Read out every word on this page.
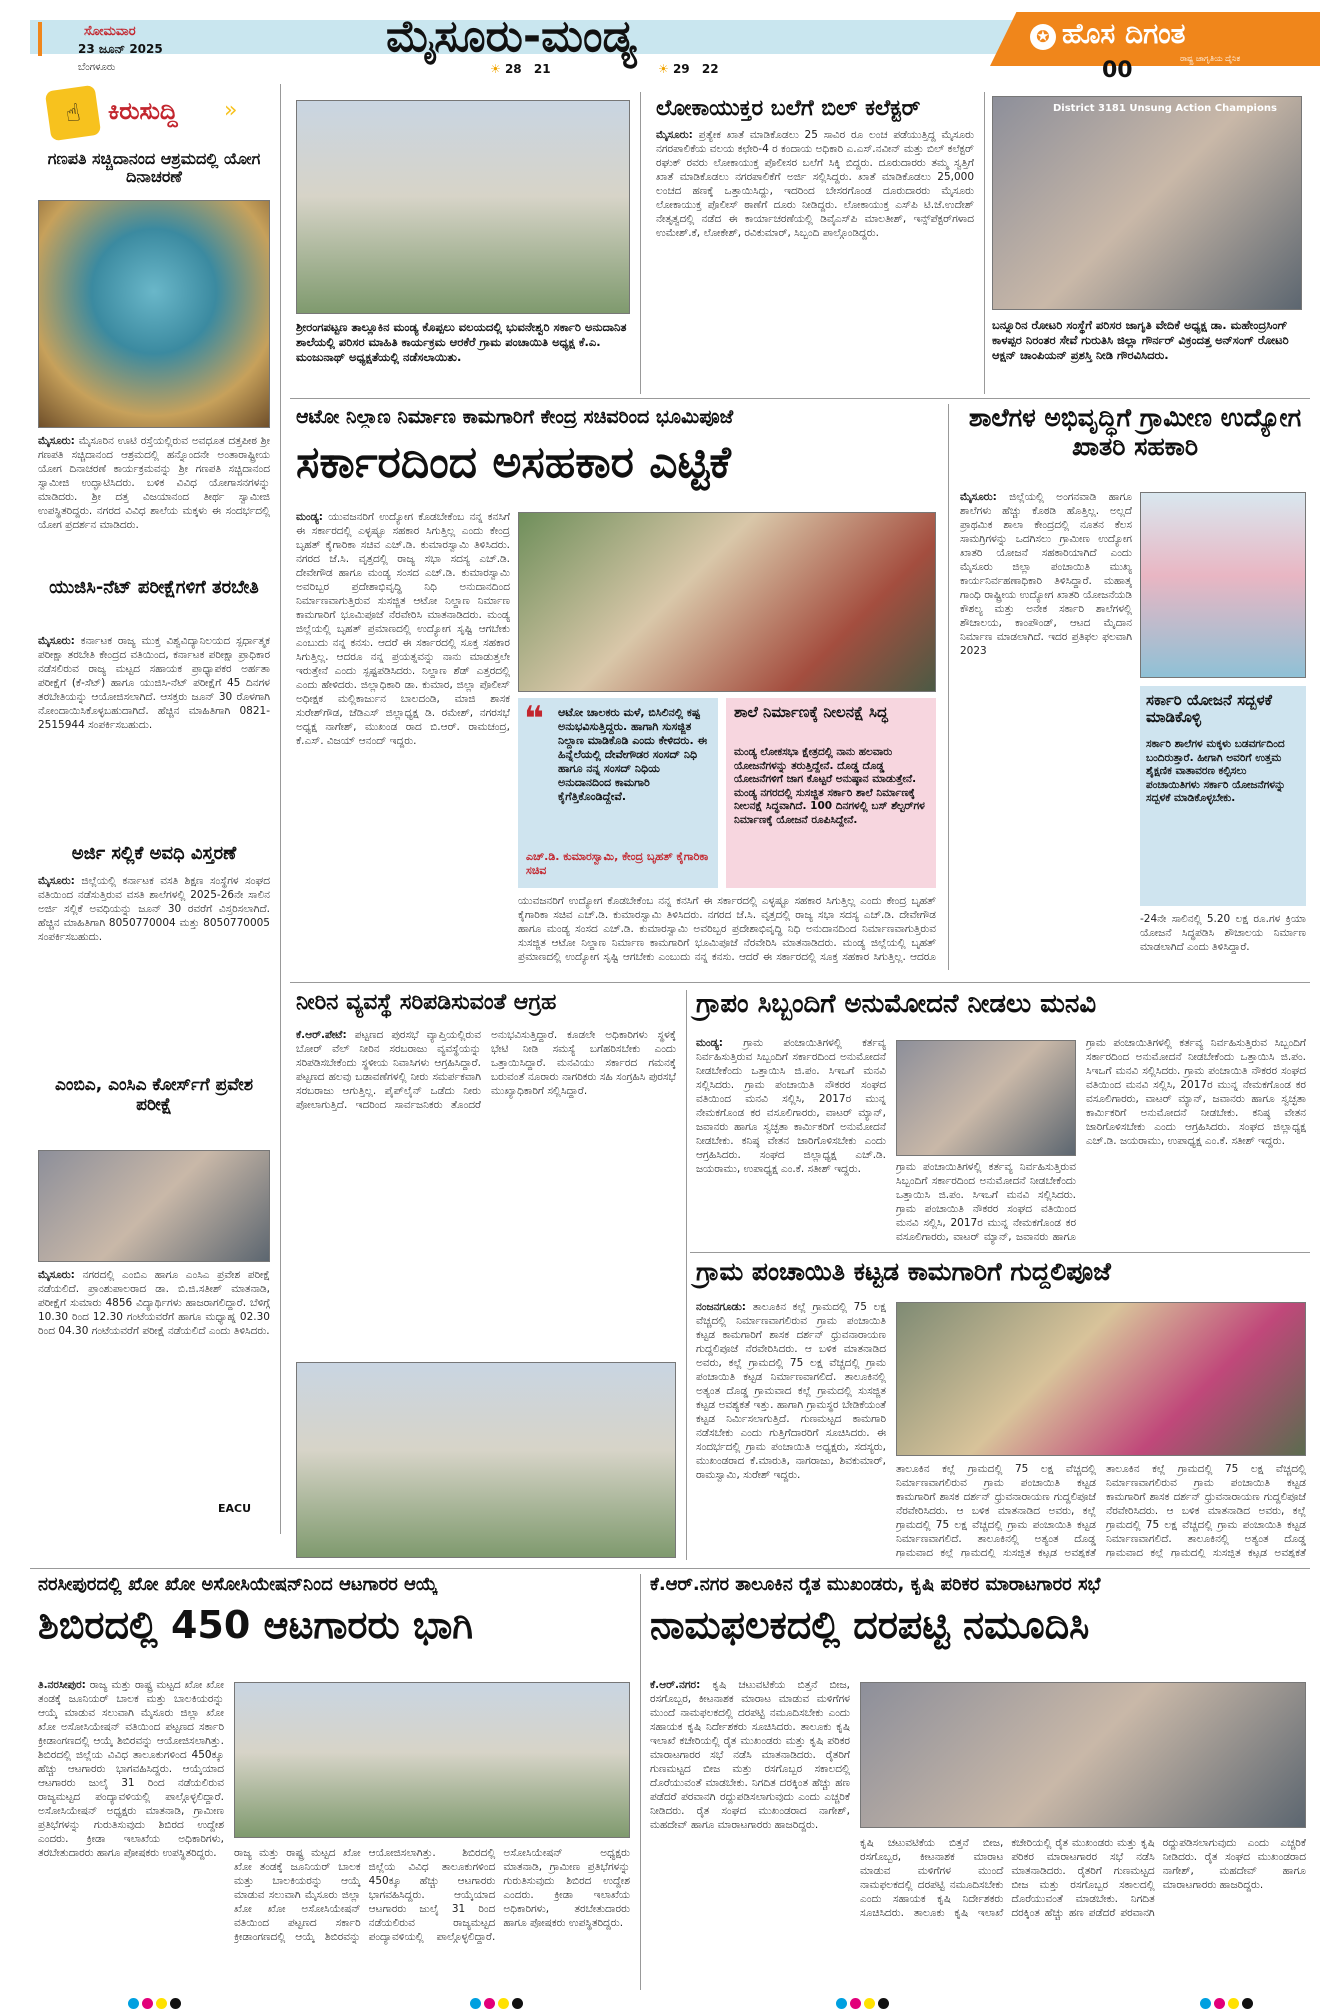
ಸೋಮವಾರ
23 ಜೂನ್ 2025
ಬೆಂಗಳೂರು
ಮೈಸೂರು-ಮಂಡ್ಯ
☀ 28 21	☀ 29 22
✪ ಹೊಸ ದಿಗಂತ
ರಾಷ್ಟ್ರ ಜಾಗೃತಿಯ ದೈನಿಕ
00
☝	ಕಿರುಸುದ್ದಿ »
ಗಣಪತಿ ಸಚ್ಚಿದಾನಂದ ಆಶ್ರಮದಲ್ಲಿ ಯೋಗ ದಿನಾಚರಣೆ
ಮೈಸೂರು: ಮೈಸೂರಿನ ಊಟಿ ರಸ್ತೆಯಲ್ಲಿರುವ ಅವಧೂತ ದತ್ತಪೀಠ ಶ್ರೀ ಗಣಪತಿ ಸಚ್ಚಿದಾನಂದ ಆಶ್ರಮದಲ್ಲಿ ಹನ್ನೊಂದನೇ ಅಂತಾರಾಷ್ಟ್ರೀಯ ಯೋಗ ದಿನಾಚರಣೆ ಕಾರ್ಯಕ್ರಮವನ್ನು ಶ್ರೀ ಗಣಪತಿ ಸಚ್ಚಿದಾನಂದ ಸ್ವಾಮೀಜಿ ಉದ್ಘಾಟಿಸಿದರು. ಬಳಿಕ ವಿವಿಧ ಯೋಗಾಸನಗಳನ್ನು ಮಾಡಿದರು. ಶ್ರೀ ದತ್ತ ವಿಜಯಾನಂದ ತೀರ್ಥ ಸ್ವಾಮೀಜಿ ಉಪಸ್ಥಿತರಿದ್ದರು. ನಗರದ ವಿವಿಧ ಶಾಲೆಯ ಮಕ್ಕಳು ಈ ಸಂದರ್ಭದಲ್ಲಿ ಯೋಗ ಪ್ರದರ್ಶನ ಮಾಡಿದರು.
ಯುಜಿಸಿ-ನೆಟ್ ಪರೀಕ್ಷೆಗಳಿಗೆ ತರಬೇತಿ
ಮೈಸೂರು: ಕರ್ನಾಟಕ ರಾಜ್ಯ ಮುಕ್ತ ವಿಶ್ವವಿದ್ಯಾನಿಲಯದ ಸ್ಪರ್ಧಾತ್ಮಕ ಪರೀಕ್ಷಾ ತರಬೇತಿ ಕೇಂದ್ರದ ವತಿಯಿಂದ, ಕರ್ನಾಟಕ ಪರೀಕ್ಷಾ ಪ್ರಾಧಿಕಾರ ನಡೆಸಲಿರುವ ರಾಜ್ಯ ಮಟ್ಟದ ಸಹಾಯಕ ಪ್ರಾಧ್ಯಾಪಕರ ಅರ್ಹತಾ ಪರೀಕ್ಷೆಗೆ (ಕೆ-ಸೆಟ್) ಹಾಗೂ ಯುಜಿಸಿ-ನೆಟ್ ಪರೀಕ್ಷೆಗೆ 45 ದಿನಗಳ ತರಬೇತಿಯನ್ನು ಆಯೋಜಿಸಲಾಗಿದೆ. ಆಸಕ್ತರು ಜೂನ್ 30 ರೊಳಗಾಗಿ ನೋಂದಾಯಿಸಿಕೊಳ್ಳಬಹುದಾಗಿದೆ. ಹೆಚ್ಚಿನ ಮಾಹಿತಿಗಾಗಿ 0821-2515944 ಸಂಪರ್ಕಿಸಬಹುದು.
ಅರ್ಜಿ ಸಲ್ಲಿಕೆ ಅವಧಿ ವಿಸ್ತರಣೆ
ಮೈಸೂರು: ಜಿಲ್ಲೆಯಲ್ಲಿ ಕರ್ನಾಟಕ ವಸತಿ ಶಿಕ್ಷಣ ಸಂಸ್ಥೆಗಳ ಸಂಘದ ವತಿಯಿಂದ ನಡೆಸುತ್ತಿರುವ ವಸತಿ ಶಾಲೆಗಳಲ್ಲಿ 2025-26ನೇ ಸಾಲಿನ ಅರ್ಜಿ ಸಲ್ಲಿಕೆ ಅವಧಿಯನ್ನು ಜೂನ್ 30 ರವರೆಗೆ ವಿಸ್ತರಿಸಲಾಗಿದೆ. ಹೆಚ್ಚಿನ ಮಾಹಿತಿಗಾಗಿ 8050770004 ಮತ್ತು 8050770005 ಸಂಪರ್ಕಿಸಬಹುದು.
ಎಂಬಿಎ, ಎಂಸಿಎ ಕೋರ್ಸ್‌ಗೆ ಪ್ರವೇಶ ಪರೀಕ್ಷೆ
ಮೈಸೂರು: ನಗರದಲ್ಲಿ ಎಂಬಿಎ ಹಾಗೂ ಎಂಸಿಎ ಪ್ರವೇಶ ಪರೀಕ್ಷೆ ನಡೆಯಲಿದೆ. ಪ್ರಾಂಶುಪಾಲರಾದ ಡಾ. ಬಿ.ಜಿ.ಸತೀಶ್ ಮಾತನಾಡಿ, ಪರೀಕ್ಷೆಗೆ ಸುಮಾರು 4856 ವಿದ್ಯಾರ್ಥಿಗಳು ಹಾಜರಾಗಲಿದ್ದಾರೆ. ಬೆಳಿಗ್ಗೆ 10.30 ರಿಂದ 12.30 ಗಂಟೆಯವರೆಗೆ ಹಾಗೂ ಮಧ್ಯಾಹ್ನ 02.30 ರಿಂದ 04.30 ಗಂಟೆಯವರೆಗೆ ಪರೀಕ್ಷೆ ನಡೆಯಲಿದೆ ಎಂದು ತಿಳಿಸಿದರು.
EACU
ಶ್ರೀರಂಗಪಟ್ಟಣ ತಾಲ್ಲೂಕಿನ ಮಂಡ್ಯ ಕೊಪ್ಪಲು ವಲಯದಲ್ಲಿ ಭುವನೇಶ್ವರಿ ಸರ್ಕಾರಿ ಅನುದಾನಿತ ಶಾಲೆಯಲ್ಲಿ ಪರಿಸರ ಮಾಹಿತಿ ಕಾರ್ಯಕ್ರಮ ಆರಕೆರೆ ಗ್ರಾಮ ಪಂಚಾಯಿತಿ ಅಧ್ಯಕ್ಷ ಕೆ.ಎ. ಮಂಜುನಾಥ್ ಅಧ್ಯಕ್ಷತೆಯಲ್ಲಿ ನಡೆಸಲಾಯಿತು.
ಲೋಕಾಯುಕ್ತರ ಬಲೆಗೆ ಬಿಲ್ ಕಲೆಕ್ಟರ್
ಮೈಸೂರು: ಪ್ರತ್ಯೇಕ ಖಾತೆ ಮಾಡಿಕೊಡಲು 25 ಸಾವಿರ ರೂ ಲಂಚ ಪಡೆಯುತ್ತಿದ್ದ ಮೈಸೂರು ನಗರಪಾಲಿಕೆಯ ವಲಯ ಕಛೇರಿ-4 ರ ಕಂದಾಯ ಅಧಿಕಾರಿ ಎ.ಎಸ್.ನವೀನ್ ಮತ್ತು ಬಿಲ್ ಕಲೆಕ್ಟರ್ ರಘುಕ್ ರವರು ಲೋಕಾಯುಕ್ತ ಪೊಲೀಸರ ಬಲೆಗೆ ಸಿಕ್ಕಿ ಬಿದ್ದರು. ದೂರುದಾರರು ತಮ್ಮ ಸ್ವತ್ತಿಗೆ ಖಾತೆ ಮಾಡಿಕೊಡಲು ನಗರಪಾಲಿಕೆಗೆ ಅರ್ಜಿ ಸಲ್ಲಿಸಿದ್ದರು. ಖಾತೆ ಮಾಡಿಕೊಡಲು 25,000 ಲಂಚದ ಹಣಕ್ಕೆ ಒತ್ತಾಯಿಸಿದ್ದು, ಇದರಿಂದ ಬೇಸರಗೊಂಡ ದೂರುದಾರರು ಮೈಸೂರು ಲೋಕಾಯುಕ್ತ ಪೊಲೀಸ್ ಠಾಣೆಗೆ ದೂರು ನೀಡಿದ್ದರು. ಲೋಕಾಯುಕ್ತ ಎಸ್‌ಪಿ ಟಿ.ಜೆ.ಉದೇಶ್ ನೇತೃತ್ವದಲ್ಲಿ ನಡೆದ ಈ ಕಾರ್ಯಾಚರಣೆಯಲ್ಲಿ ಡಿವೈಎಸ್‌ಪಿ ಮಾಲತೀಶ್, ಇನ್ಸ್‌ಪೆಕ್ಟರ್‌ಗಳಾದ ಉಮೇಶ್.ಕೆ, ಲೋಕೇಶ್, ರವಿಕುಮಾರ್, ಸಿಬ್ಬಂದಿ ಪಾಲ್ಗೊಂಡಿದ್ದರು.
District 3181 Unsung Action Champions
ಬನ್ನೂರಿನ ರೋಟರಿ ಸಂಸ್ಥೆಗೆ ಪರಿಸರ ಜಾಗೃತಿ ವೇದಿಕೆ ಅಧ್ಯಕ್ಷ ಡಾ. ಮಹೇಂದ್ರಸಿಂಗ್ ಕಾಳಪ್ಪರ ನಿರಂತರ ಸೇವೆ ಗುರುತಿಸಿ ಜಿಲ್ಲಾ ಗೌರ್ನರ್ ವಿಕ್ರಂದತ್ತ ಅನ್‌ಸಂಗ್ ರೋಟರಿ ಆಕ್ಷನ್ ಚಾಂಪಿಯನ್ ಪ್ರಶಸ್ತಿ ನೀಡಿ ಗೌರವಿಸಿದರು.
ಆಟೋ ನಿಲ್ದಾಣ ನಿರ್ಮಾಣ ಕಾಮಗಾರಿಗೆ ಕೇಂದ್ರ ಸಚಿವರಿಂದ ಭೂಮಿಪೂಜೆ
ಸರ್ಕಾರದಿಂದ ಅಸಹಕಾರ ಎಟ್ಟಿಕೆ
ಮಂಡ್ಯ: ಯುವಜನರಿಗೆ ಉದ್ಯೋಗ ಕೊಡಬೇಕೆಂಬ ನನ್ನ ಕನಸಿಗೆ ಈ ಸರ್ಕಾರದಲ್ಲಿ ಎಳ್ಳಷ್ಟೂ ಸಹಕಾರ ಸಿಗುತ್ತಿಲ್ಲ ಎಂದು ಕೇಂದ್ರ ಬೃಹತ್ ಕೈಗಾರಿಕಾ ಸಚಿವ ಎಚ್.ಡಿ. ಕುಮಾರಸ್ವಾಮಿ ತಿಳಿಸಿದರು. ನಗರದ ಜೆ.ಸಿ. ವೃತ್ತದಲ್ಲಿ ರಾಜ್ಯ ಸಭಾ ಸದಸ್ಯ ಎಚ್.ಡಿ. ದೇವೇಗೌಡ ಹಾಗೂ ಮಂಡ್ಯ ಸಂಸದ ಎಚ್.ಡಿ. ಕುಮಾರಸ್ವಾಮಿ ಅವರಿಬ್ಬರ ಪ್ರದೇಶಾಭಿವೃದ್ಧಿ ನಿಧಿ ಅನುದಾನದಿಂದ ನಿರ್ಮಾಣವಾಗುತ್ತಿರುವ ಸುಸಜ್ಜಿತ ಆಟೋ ನಿಲ್ದಾಣ ನಿರ್ಮಾಣ ಕಾಮಗಾರಿಗೆ ಭೂಮಿಪೂಜೆ ನೆರವೇರಿಸಿ ಮಾತನಾಡಿದರು. ಮಂಡ್ಯ ಜಿಲ್ಲೆಯಲ್ಲಿ ಬೃಹತ್ ಪ್ರಮಾಣದಲ್ಲಿ ಉದ್ಯೋಗ ಸೃಷ್ಟಿ ಆಗಬೇಕು ಎಂಬುದು ನನ್ನ ಕನಸು. ಆದರೆ ಈ ಸರ್ಕಾರದಲ್ಲಿ ಸೂಕ್ತ ಸಹಕಾರ ಸಿಗುತ್ತಿಲ್ಲ. ಆದರೂ ನನ್ನ ಪ್ರಯತ್ನವನ್ನು ನಾನು ಮಾಡುತ್ತಲೇ ಇರುತ್ತೇನೆ ಎಂದು ಸ್ಪಷ್ಟಪಡಿಸಿದರು. ನಿಲ್ದಾಣ ಶೆಡ್ ಎತ್ತರದಲ್ಲಿ ಎಂದು ಹೇಳಿದರು. ಜಿಲ್ಲಾಧಿಕಾರಿ ಡಾ. ಕುಮಾರ, ಜಿಲ್ಲಾ ಪೊಲೀಸ್ ಅಧೀಕ್ಷಕ ಮಲ್ಲಿಕಾರ್ಜುನ ಬಾಲದಂಡಿ, ಮಾಜಿ ಶಾಸಕ ಸುರೇಶ್‌ಗೌಡ, ಜೆಡಿಎಸ್ ಜಿಲ್ಲಾಧ್ಯಕ್ಷ ಡಿ. ರಮೇಶ್, ನಗರಸಭೆ ಅಧ್ಯಕ್ಷ ನಾಗೇಶ್, ಮುಖಂಡ ರಾದ ಬಿ.ಆರ್. ರಾಮಚಂದ್ರ, ಕೆ.ಎಸ್. ವಿಜಯ್ ಆನಂದ್ ಇದ್ದರು.
❝ ಆಟೋ ಚಾಲಕರು ಮಳೆ, ಬಿಸಿಲಿನಲ್ಲಿ ಕಷ್ಟ ಅನುಭವಿಸುತ್ತಿದ್ದರು. ಹಾಗಾಗಿ ಸುಸಜ್ಜಿತ ನಿಲ್ದಾಣ ಮಾಡಿಕೊಡಿ ಎಂದು ಕೇಳಿದರು. ಈ ಹಿನ್ನೆಲೆಯಲ್ಲಿ ದೇವೇಗೌಡರ ಸಂಸದ್ ನಿಧಿ ಹಾಗೂ ನನ್ನ ಸಂಸದ್ ನಿಧಿಯ ಅನುದಾನದಿಂದ ಕಾಮಗಾರಿ ಕೈಗೆತ್ತಿಕೊಂಡಿದ್ದೇವೆ.
ಎಚ್.ಡಿ. ಕುಮಾರಸ್ವಾಮಿ, ಕೇಂದ್ರ ಬೃಹತ್ ಕೈಗಾರಿಕಾ ಸಚಿವ
ಶಾಲೆ ನಿರ್ಮಾಣಕ್ಕೆ ನೀಲನಕ್ಷೆ ಸಿದ್ಧ
ಮಂಡ್ಯ ಲೋಕಸಭಾ ಕ್ಷೇತ್ರದಲ್ಲಿ ನಾನು ಹಲವಾರು ಯೋಜನೆಗಳನ್ನು ತರುತ್ತಿದ್ದೇನೆ. ದೊಡ್ಡ ದೊಡ್ಡ ಯೋಜನೆಗಳಿಗೆ ಜಾಗ ಕೊಟ್ಟರೆ ಅನುಷ್ಠಾನ ಮಾಡುತ್ತೇನೆ. ಮಂಡ್ಯ ನಗರದಲ್ಲಿ ಸುಸಜ್ಜಿತ ಸರ್ಕಾರಿ ಶಾಲೆ ನಿರ್ಮಾಣಕ್ಕೆ ನೀಲನಕ್ಷೆ ಸಿದ್ಧವಾಗಿದೆ. 100 ದಿನಗಳಲ್ಲಿ ಬಸ್ ಶೆಲ್ಟರ್‌ಗಳ ನಿರ್ಮಾಣಕ್ಕೆ ಯೋಜನೆ ರೂಪಿಸಿದ್ದೇನೆ.
ಯುವಜನರಿಗೆ ಉದ್ಯೋಗ ಕೊಡಬೇಕೆಂಬ ನನ್ನ ಕನಸಿಗೆ ಈ ಸರ್ಕಾರದಲ್ಲಿ ಎಳ್ಳಷ್ಟೂ ಸಹಕಾರ ಸಿಗುತ್ತಿಲ್ಲ ಎಂದು ಕೇಂದ್ರ ಬೃಹತ್ ಕೈಗಾರಿಕಾ ಸಚಿವ ಎಚ್.ಡಿ. ಕುಮಾರಸ್ವಾಮಿ ತಿಳಿಸಿದರು. ನಗರದ ಜೆ.ಸಿ. ವೃತ್ತದಲ್ಲಿ ರಾಜ್ಯ ಸಭಾ ಸದಸ್ಯ ಎಚ್.ಡಿ. ದೇವೇಗೌಡ ಹಾಗೂ ಮಂಡ್ಯ ಸಂಸದ ಎಚ್.ಡಿ. ಕುಮಾರಸ್ವಾಮಿ ಅವರಿಬ್ಬರ ಪ್ರದೇಶಾಭಿವೃದ್ಧಿ ನಿಧಿ ಅನುದಾನದಿಂದ ನಿರ್ಮಾಣವಾಗುತ್ತಿರುವ ಸುಸಜ್ಜಿತ ಆಟೋ ನಿಲ್ದಾಣ ನಿರ್ಮಾಣ ಕಾಮಗಾರಿಗೆ ಭೂಮಿಪೂಜೆ ನೆರವೇರಿಸಿ ಮಾತನಾಡಿದರು. ಮಂಡ್ಯ ಜಿಲ್ಲೆಯಲ್ಲಿ ಬೃಹತ್ ಪ್ರಮಾಣದಲ್ಲಿ ಉದ್ಯೋಗ ಸೃಷ್ಟಿ ಆಗಬೇಕು ಎಂಬುದು ನನ್ನ ಕನಸು. ಆದರೆ ಈ ಸರ್ಕಾರದಲ್ಲಿ ಸೂಕ್ತ ಸಹಕಾರ ಸಿಗುತ್ತಿಲ್ಲ. ಆದರೂ
ಶಾಲೆಗಳ ಅಭಿವೃದ್ಧಿಗೆ ಗ್ರಾಮೀಣ ಉದ್ಯೋಗ ಖಾತರಿ ಸಹಕಾರಿ
ಮೈಸೂರು: ಜಿಲ್ಲೆಯಲ್ಲಿ ಅಂಗನವಾಡಿ ಹಾಗೂ ಶಾಲೆಗಳು ಹೆಚ್ಚು ಕೊಠಡಿ ಹೊತ್ತಿಲ್ಲ. ಅಲ್ಲದೆ ಪ್ರಾಥಮಿಕ ಶಾಲಾ ಕೇಂದ್ರದಲ್ಲಿ ನೂತನ ಕೆಲಸ ಸಾಮಗ್ರಿಗಳನ್ನು ಒದಗಿಸಲು ಗ್ರಾಮೀಣ ಉದ್ಯೋಗ ಖಾತರಿ ಯೋಜನೆ ಸಹಕಾರಿಯಾಗಿದೆ ಎಂದು ಮೈಸೂರು ಜಿಲ್ಲಾ ಪಂಚಾಯಿತಿ ಮುಖ್ಯ ಕಾರ್ಯನಿರ್ವಹಣಾಧಿಕಾರಿ ತಿಳಿಸಿದ್ದಾರೆ. ಮಹಾತ್ಮ ಗಾಂಧಿ ರಾಷ್ಟ್ರೀಯ ಉದ್ಯೋಗ ಖಾತರಿ ಯೋಜನೆಯಡಿ ಕೌಶಲ್ಯ ಮತ್ತು ಅನೇಕ ಸರ್ಕಾರಿ ಶಾಲೆಗಳಲ್ಲಿ ಶೌಚಾಲಯ, ಕಾಂಪೌಂಡ್, ಆಟದ ಮೈದಾನ ನಿರ್ಮಾಣ ಮಾಡಲಾಗಿದೆ. ಇದರ ಪ್ರತಿಫಲ ಫಲವಾಗಿ 2023
ಸರ್ಕಾರಿ ಯೋಜನೆ ಸದ್ಬಳಕೆ ಮಾಡಿಕೊಳ್ಳಿ
ಸರ್ಕಾರಿ ಶಾಲೆಗಳ ಮಕ್ಕಳು ಬಡವರ್ಗದಿಂದ ಬಂದಿರುತ್ತಾರೆ. ಹೀಗಾಗಿ ಅವರಿಗೆ ಉತ್ತಮ ಶೈಕ್ಷಣಿಕ ವಾತಾವರಣ ಕಲ್ಪಿಸಲು ಪಂಚಾಯಿತಿಗಳು ಸರ್ಕಾರಿ ಯೋಜನೆಗಳನ್ನು ಸದ್ಬಳಕೆ ಮಾಡಿಕೊಳ್ಳಬೇಕು.
-24ನೇ ಸಾಲಿನಲ್ಲಿ 5.20 ಲಕ್ಷ ರೂ.ಗಳ ಕ್ರಿಯಾ ಯೋಜನೆ ಸಿದ್ಧಪಡಿಸಿ ಶೌಚಾಲಯ ನಿರ್ಮಾಣ ಮಾಡಲಾಗಿದೆ ಎಂದು ತಿಳಿಸಿದ್ದಾರೆ.
ನೀರಿನ ವ್ಯವಸ್ಥೆ ಸರಿಪಡಿಸುವಂತೆ ಆಗ್ರಹ
ಕೆ.ಆರ್.ಪೇಟೆ: ಪಟ್ಟಣದ ಪುರಸಭೆ ವ್ಯಾಪ್ತಿಯಲ್ಲಿರುವ ಬೋರ್ ವೆಲ್ ನೀರಿನ ಸರಬರಾಜು ವ್ಯವಸ್ಥೆಯನ್ನು ಸರಿಪಡಿಸಬೇಕೆಂದು ಸ್ಥಳೀಯ ನಿವಾಸಿಗಳು ಆಗ್ರಹಿಸಿದ್ದಾರೆ. ಪಟ್ಟಣದ ಹಲವು ಬಡಾವಣೆಗಳಲ್ಲಿ ನೀರು ಸಮರ್ಪಕವಾಗಿ ಸರಬರಾಜು ಆಗುತ್ತಿಲ್ಲ. ಪೈಪ್‌ಲೈನ್ ಒಡೆದು ನೀರು ಪೋಲಾಗುತ್ತಿದೆ. ಇದರಿಂದ ಸಾರ್ವಜನಿಕರು ತೊಂದರೆ ಅನುಭವಿಸುತ್ತಿದ್ದಾರೆ. ಕೂಡಲೇ ಅಧಿಕಾರಿಗಳು ಸ್ಥಳಕ್ಕೆ ಭೇಟಿ ನೀಡಿ ಸಮಸ್ಯೆ ಬಗೆಹರಿಸಬೇಕು ಎಂದು ಒತ್ತಾಯಿಸಿದ್ದಾರೆ. ಮನವಿಯು ಸರ್ಕಾರದ ಗಮನಕ್ಕೆ ಬರುವಂತೆ ನೂರಾರು ನಾಗರಿಕರು ಸಹಿ ಸಂಗ್ರಹಿಸಿ ಪುರಸಭೆ ಮುಖ್ಯಾಧಿಕಾರಿಗೆ ಸಲ್ಲಿಸಿದ್ದಾರೆ.
ಗ್ರಾಪಂ ಸಿಬ್ಬಂದಿಗೆ ಅನುಮೋದನೆ ನೀಡಲು ಮನವಿ
ಮಂಡ್ಯ: ಗ್ರಾಮ ಪಂಚಾಯಿತಿಗಳಲ್ಲಿ ಕರ್ತವ್ಯ ನಿರ್ವಹಿಸುತ್ತಿರುವ ಸಿಬ್ಬಂದಿಗೆ ಸರ್ಕಾರದಿಂದ ಅನುಮೋದನೆ ನೀಡಬೇಕೆಂದು ಒತ್ತಾಯಿಸಿ ಜಿ.ಪಂ. ಸಿಇಒಗೆ ಮನವಿ ಸಲ್ಲಿಸಿದರು. ಗ್ರಾಮ ಪಂಚಾಯಿತಿ ನೌಕರರ ಸಂಘದ ವತಿಯಿಂದ ಮನವಿ ಸಲ್ಲಿಸಿ, 2017ರ ಮುನ್ನ ನೇಮಕಗೊಂಡ ಕರ ವಸೂಲಿಗಾರರು, ವಾಟರ್ ಮ್ಯಾನ್, ಜವಾನರು ಹಾಗೂ ಸ್ವಚ್ಛತಾ ಕಾರ್ಮಿಕರಿಗೆ ಅನುಮೋದನೆ ನೀಡಬೇಕು. ಕನಿಷ್ಠ ವೇತನ ಜಾರಿಗೊಳಿಸಬೇಕು ಎಂದು ಆಗ್ರಹಿಸಿದರು. ಸಂಘದ ಜಿಲ್ಲಾಧ್ಯಕ್ಷ ಎಚ್.ಡಿ. ಜಯರಾಮು, ಉಪಾಧ್ಯಕ್ಷ ಎಂ.ಕೆ. ಸತೀಶ್ ಇದ್ದರು.	ಗ್ರಾಮ ಪಂಚಾಯಿತಿಗಳಲ್ಲಿ ಕರ್ತವ್ಯ ನಿರ್ವಹಿಸುತ್ತಿರುವ ಸಿಬ್ಬಂದಿಗೆ ಸರ್ಕಾರದಿಂದ ಅನುಮೋದನೆ ನೀಡಬೇಕೆಂದು ಒತ್ತಾಯಿಸಿ ಜಿ.ಪಂ. ಸಿಇಒಗೆ ಮನವಿ ಸಲ್ಲಿಸಿದರು. ಗ್ರಾಮ ಪಂಚಾಯಿತಿ ನೌಕರರ ಸಂಘದ ವತಿಯಿಂದ ಮನವಿ ಸಲ್ಲಿಸಿ, 2017ರ ಮುನ್ನ ನೇಮಕಗೊಂಡ ಕರ ವಸೂಲಿಗಾರರು, ವಾಟರ್ ಮ್ಯಾನ್, ಜವಾನರು ಹಾಗೂ
ಗ್ರಾಮ ಪಂಚಾಯಿತಿಗಳಲ್ಲಿ ಕರ್ತವ್ಯ ನಿರ್ವಹಿಸುತ್ತಿರುವ ಸಿಬ್ಬಂದಿಗೆ ಸರ್ಕಾರದಿಂದ ಅನುಮೋದನೆ ನೀಡಬೇಕೆಂದು ಒತ್ತಾಯಿಸಿ ಜಿ.ಪಂ. ಸಿಇಒಗೆ ಮನವಿ ಸಲ್ಲಿಸಿದರು. ಗ್ರಾಮ ಪಂಚಾಯಿತಿ ನೌಕರರ ಸಂಘದ ವತಿಯಿಂದ ಮನವಿ ಸಲ್ಲಿಸಿ, 2017ರ ಮುನ್ನ ನೇಮಕಗೊಂಡ ಕರ ವಸೂಲಿಗಾರರು, ವಾಟರ್ ಮ್ಯಾನ್, ಜವಾನರು ಹಾಗೂ ಸ್ವಚ್ಛತಾ ಕಾರ್ಮಿಕರಿಗೆ ಅನುಮೋದನೆ ನೀಡಬೇಕು. ಕನಿಷ್ಠ ವೇತನ ಜಾರಿಗೊಳಿಸಬೇಕು ಎಂದು ಆಗ್ರಹಿಸಿದರು. ಸಂಘದ ಜಿಲ್ಲಾಧ್ಯಕ್ಷ ಎಚ್.ಡಿ. ಜಯರಾಮು, ಉಪಾಧ್ಯಕ್ಷ ಎಂ.ಕೆ. ಸತೀಶ್ ಇದ್ದರು.
ಗ್ರಾಮ ಪಂಚಾಯಿತಿ ಕಟ್ಟಡ ಕಾಮಗಾರಿಗೆ ಗುದ್ದಲಿಪೂಜೆ
ನಂಜನಗೂಡು: ತಾಲೂಕಿನ ಕಲ್ಲೆ ಗ್ರಾಮದಲ್ಲಿ 75 ಲಕ್ಷ ವೆಚ್ಚದಲ್ಲಿ ನಿರ್ಮಾಣವಾಗಲಿರುವ ಗ್ರಾಮ ಪಂಚಾಯಿತಿ ಕಟ್ಟಡ ಕಾಮಗಾರಿಗೆ ಶಾಸಕ ದರ್ಶನ್ ಧ್ರುವನಾರಾಯಣ ಗುದ್ದಲಿಪೂಜೆ ನೆರವೇರಿಸಿದರು. ಆ ಬಳಿಕ ಮಾತನಾಡಿದ ಅವರು, ಕಲ್ಲೆ ಗ್ರಾಮದಲ್ಲಿ 75 ಲಕ್ಷ ವೆಚ್ಚದಲ್ಲಿ ಗ್ರಾಮ ಪಂಚಾಯಿತಿ ಕಟ್ಟಡ ನಿರ್ಮಾಣವಾಗಲಿದೆ. ತಾಲೂಕಿನಲ್ಲಿ ಅತ್ಯಂತ ದೊಡ್ಡ ಗ್ರಾಮವಾದ ಕಲ್ಲೆ ಗ್ರಾಮದಲ್ಲಿ ಸುಸಜ್ಜಿತ ಕಟ್ಟಡ ಅವಶ್ಯಕತೆ ಇತ್ತು. ಹಾಗಾಗಿ ಗ್ರಾಮಸ್ಥರ ಬೇಡಿಕೆಯಂತೆ ಕಟ್ಟಡ ನಿರ್ಮಿಸಲಾಗುತ್ತಿದೆ. ಗುಣಮಟ್ಟದ ಕಾಮಗಾರಿ ನಡೆಸಬೇಕು ಎಂದು ಗುತ್ತಿಗೆದಾರರಿಗೆ ಸೂಚಿಸಿದರು. ಈ ಸಂದರ್ಭದಲ್ಲಿ ಗ್ರಾಮ ಪಂಚಾಯಿತಿ ಅಧ್ಯಕ್ಷರು, ಸದಸ್ಯರು, ಮುಖಂಡರಾದ ಕೆ.ಮಾರುತಿ, ನಾಗರಾಜು, ಶಿವಕುಮಾರ್, ರಾಮಸ್ವಾಮಿ, ಸುರೇಶ್ ಇದ್ದರು.	ತಾಲೂಕಿನ ಕಲ್ಲೆ ಗ್ರಾಮದಲ್ಲಿ 75 ಲಕ್ಷ ವೆಚ್ಚದಲ್ಲಿ ನಿರ್ಮಾಣವಾಗಲಿರುವ ಗ್ರಾಮ ಪಂಚಾಯಿತಿ ಕಟ್ಟಡ ಕಾಮಗಾರಿಗೆ ಶಾಸಕ ದರ್ಶನ್ ಧ್ರುವನಾರಾಯಣ ಗುದ್ದಲಿಪೂಜೆ ನೆರವೇರಿಸಿದರು. ಆ ಬಳಿಕ ಮಾತನಾಡಿದ ಅವರು, ಕಲ್ಲೆ ಗ್ರಾಮದಲ್ಲಿ 75 ಲಕ್ಷ ವೆಚ್ಚದಲ್ಲಿ ಗ್ರಾಮ ಪಂಚಾಯಿತಿ ಕಟ್ಟಡ ನಿರ್ಮಾಣವಾಗಲಿದೆ. ತಾಲೂಕಿನಲ್ಲಿ ಅತ್ಯಂತ ದೊಡ್ಡ ಗ್ರಾಮವಾದ ಕಲ್ಲೆ ಗ್ರಾಮದಲ್ಲಿ ಸುಸಜ್ಜಿತ ಕಟ್ಟಡ ಅವಶ್ಯಕತೆ
ತಾಲೂಕಿನ ಕಲ್ಲೆ ಗ್ರಾಮದಲ್ಲಿ 75 ಲಕ್ಷ ವೆಚ್ಚದಲ್ಲಿ ನಿರ್ಮಾಣವಾಗಲಿರುವ ಗ್ರಾಮ ಪಂಚಾಯಿತಿ ಕಟ್ಟಡ ಕಾಮಗಾರಿಗೆ ಶಾಸಕ ದರ್ಶನ್ ಧ್ರುವನಾರಾಯಣ ಗುದ್ದಲಿಪೂಜೆ ನೆರವೇರಿಸಿದರು. ಆ ಬಳಿಕ ಮಾತನಾಡಿದ ಅವರು, ಕಲ್ಲೆ ಗ್ರಾಮದಲ್ಲಿ 75 ಲಕ್ಷ ವೆಚ್ಚದಲ್ಲಿ ಗ್ರಾಮ ಪಂಚಾಯಿತಿ ಕಟ್ಟಡ ನಿರ್ಮಾಣವಾಗಲಿದೆ. ತಾಲೂಕಿನಲ್ಲಿ ಅತ್ಯಂತ ದೊಡ್ಡ ಗ್ರಾಮವಾದ ಕಲ್ಲೆ ಗ್ರಾಮದಲ್ಲಿ ಸುಸಜ್ಜಿತ ಕಟ್ಟಡ ಅವಶ್ಯಕತೆ
ನರಸೀಪುರದಲ್ಲಿ ಖೋ ಖೋ ಅಸೋಸಿಯೇಷನ್‌ನಿಂದ ಆಟಗಾರರ ಆಯ್ಕೆ
ಶಿಬಿರದಲ್ಲಿ 450 ಆಟಗಾರರು ಭಾಗಿ
ತಿ.ನರಸೀಪುರ: ರಾಜ್ಯ ಮತ್ತು ರಾಷ್ಟ್ರ ಮಟ್ಟದ ಖೋ ಖೋ ತಂಡಕ್ಕೆ ಜೂನಿಯರ್ ಬಾಲಕ ಮತ್ತು ಬಾಲಕಿಯರನ್ನು ಆಯ್ಕೆ ಮಾಡುವ ಸಲುವಾಗಿ ಮೈಸೂರು ಜಿಲ್ಲಾ ಖೋ ಖೋ ಅಸೋಸಿಯೇಷನ್ ವತಿಯಿಂದ ಪಟ್ಟಣದ ಸರ್ಕಾರಿ ಕ್ರೀಡಾಂಗಣದಲ್ಲಿ ಆಯ್ಕೆ ಶಿಬಿರವನ್ನು ಆಯೋಜಿಸಲಾಗಿತ್ತು. ಶಿಬಿರದಲ್ಲಿ ಜಿಲ್ಲೆಯ ವಿವಿಧ ತಾಲೂಕುಗಳಿಂದ 450ಕ್ಕೂ ಹೆಚ್ಚು ಆಟಗಾರರು ಭಾಗವಹಿಸಿದ್ದರು. ಆಯ್ಕೆಯಾದ ಆಟಗಾರರು ಜುಲೈ 31 ರಿಂದ ನಡೆಯಲಿರುವ ರಾಜ್ಯಮಟ್ಟದ ಪಂದ್ಯಾವಳಿಯಲ್ಲಿ ಪಾಲ್ಗೊಳ್ಳಲಿದ್ದಾರೆ. ಅಸೋಸಿಯೇಷನ್ ಅಧ್ಯಕ್ಷರು ಮಾತನಾಡಿ, ಗ್ರಾಮೀಣ ಪ್ರತಿಭೆಗಳನ್ನು ಗುರುತಿಸುವುದು ಶಿಬಿರದ ಉದ್ದೇಶ ಎಂದರು. ಕ್ರೀಡಾ ಇಲಾಖೆಯ ಅಧಿಕಾರಿಗಳು, ತರಬೇತುದಾರರು ಹಾಗೂ ಪೋಷಕರು ಉಪಸ್ಥಿತರಿದ್ದರು.	ರಾಜ್ಯ ಮತ್ತು ರಾಷ್ಟ್ರ ಮಟ್ಟದ ಖೋ ಖೋ ತಂಡಕ್ಕೆ ಜೂನಿಯರ್ ಬಾಲಕ ಮತ್ತು ಬಾಲಕಿಯರನ್ನು ಆಯ್ಕೆ ಮಾಡುವ ಸಲುವಾಗಿ ಮೈಸೂರು ಜಿಲ್ಲಾ ಖೋ ಖೋ ಅಸೋಸಿಯೇಷನ್ ವತಿಯಿಂದ ಪಟ್ಟಣದ ಸರ್ಕಾರಿ ಕ್ರೀಡಾಂಗಣದಲ್ಲಿ ಆಯ್ಕೆ ಶಿಬಿರವನ್ನು ಆಯೋಜಿಸಲಾಗಿತ್ತು. ಶಿಬಿರದಲ್ಲಿ ಜಿಲ್ಲೆಯ ವಿವಿಧ ತಾಲೂಕುಗಳಿಂದ 450ಕ್ಕೂ ಹೆಚ್ಚು ಆಟಗಾರರು ಭಾಗವಹಿಸಿದ್ದರು. ಆಯ್ಕೆಯಾದ ಆಟಗಾರರು ಜುಲೈ 31 ರಿಂದ ನಡೆಯಲಿರುವ ರಾಜ್ಯಮಟ್ಟದ ಪಂದ್ಯಾವಳಿಯಲ್ಲಿ ಪಾಲ್ಗೊಳ್ಳಲಿದ್ದಾರೆ. ಅಸೋಸಿಯೇಷನ್ ಅಧ್ಯಕ್ಷರು ಮಾತನಾಡಿ, ಗ್ರಾಮೀಣ ಪ್ರತಿಭೆಗಳನ್ನು ಗುರುತಿಸುವುದು ಶಿಬಿರದ ಉದ್ದೇಶ ಎಂದರು. ಕ್ರೀಡಾ ಇಲಾಖೆಯ ಅಧಿಕಾರಿಗಳು, ತರಬೇತುದಾರರು ಹಾಗೂ ಪೋಷಕರು ಉಪಸ್ಥಿತರಿದ್ದರು.
ಕೆ.ಆರ್.ನಗರ ತಾಲೂಕಿನ ರೈತ ಮುಖಂಡರು, ಕೃಷಿ ಪರಿಕರ ಮಾರಾಟಗಾರರ ಸಭೆ
ನಾಮಫಲಕದಲ್ಲಿ ದರಪಟ್ಟಿ ನಮೂದಿಸಿ
ಕೆ.ಆರ್.ನಗರ: ಕೃಷಿ ಚಟುವಟಿಕೆಯ ಬಿತ್ತನೆ ಬೀಜ, ರಸಗೊಬ್ಬರ, ಕೀಟನಾಶಕ ಮಾರಾಟ ಮಾಡುವ ಮಳಿಗೆಗಳ ಮುಂದೆ ನಾಮಫಲಕದಲ್ಲಿ ದರಪಟ್ಟಿ ನಮೂದಿಸಬೇಕು ಎಂದು ಸಹಾಯಕ ಕೃಷಿ ನಿರ್ದೇಶಕರು ಸೂಚಿಸಿದರು. ತಾಲೂಕು ಕೃಷಿ ಇಲಾಖೆ ಕಚೇರಿಯಲ್ಲಿ ರೈತ ಮುಖಂಡರು ಮತ್ತು ಕೃಷಿ ಪರಿಕರ ಮಾರಾಟಗಾರರ ಸಭೆ ನಡೆಸಿ ಮಾತನಾಡಿದರು. ರೈತರಿಗೆ ಗುಣಮಟ್ಟದ ಬೀಜ ಮತ್ತು ರಸಗೊಬ್ಬರ ಸಕಾಲದಲ್ಲಿ ದೊರೆಯುವಂತೆ ಮಾಡಬೇಕು. ನಿಗದಿತ ದರಕ್ಕಿಂತ ಹೆಚ್ಚು ಹಣ ಪಡೆದರೆ ಪರವಾನಗಿ ರದ್ದುಪಡಿಸಲಾಗುವುದು ಎಂದು ಎಚ್ಚರಿಕೆ ನೀಡಿದರು. ರೈತ ಸಂಘದ ಮುಖಂಡರಾದ ನಾಗೇಶ್, ಮಹದೇವ್ ಹಾಗೂ ಮಾರಾಟಗಾರರು ಹಾಜರಿದ್ದರು.
ಕೃಷಿ ಚಟುವಟಿಕೆಯ ಬಿತ್ತನೆ ಬೀಜ, ರಸಗೊಬ್ಬರ, ಕೀಟನಾಶಕ ಮಾರಾಟ ಮಾಡುವ ಮಳಿಗೆಗಳ ಮುಂದೆ ನಾಮಫಲಕದಲ್ಲಿ ದರಪಟ್ಟಿ ನಮೂದಿಸಬೇಕು ಎಂದು ಸಹಾಯಕ ಕೃಷಿ ನಿರ್ದೇಶಕರು ಸೂಚಿಸಿದರು. ತಾಲೂಕು ಕೃಷಿ ಇಲಾಖೆ ಕಚೇರಿಯಲ್ಲಿ ರೈತ ಮುಖಂಡರು ಮತ್ತು ಕೃಷಿ ಪರಿಕರ ಮಾರಾಟಗಾರರ ಸಭೆ ನಡೆಸಿ ಮಾತನಾಡಿದರು. ರೈತರಿಗೆ ಗುಣಮಟ್ಟದ ಬೀಜ ಮತ್ತು ರಸಗೊಬ್ಬರ ಸಕಾಲದಲ್ಲಿ ದೊರೆಯುವಂತೆ ಮಾಡಬೇಕು. ನಿಗದಿತ ದರಕ್ಕಿಂತ ಹೆಚ್ಚು ಹಣ ಪಡೆದರೆ ಪರವಾನಗಿ ರದ್ದುಪಡಿಸಲಾಗುವುದು ಎಂದು ಎಚ್ಚರಿಕೆ ನೀಡಿದರು. ರೈತ ಸಂಘದ ಮುಖಂಡರಾದ ನಾಗೇಶ್, ಮಹದೇವ್ ಹಾಗೂ ಮಾರಾಟಗಾರರು ಹಾಜರಿದ್ದರು.
